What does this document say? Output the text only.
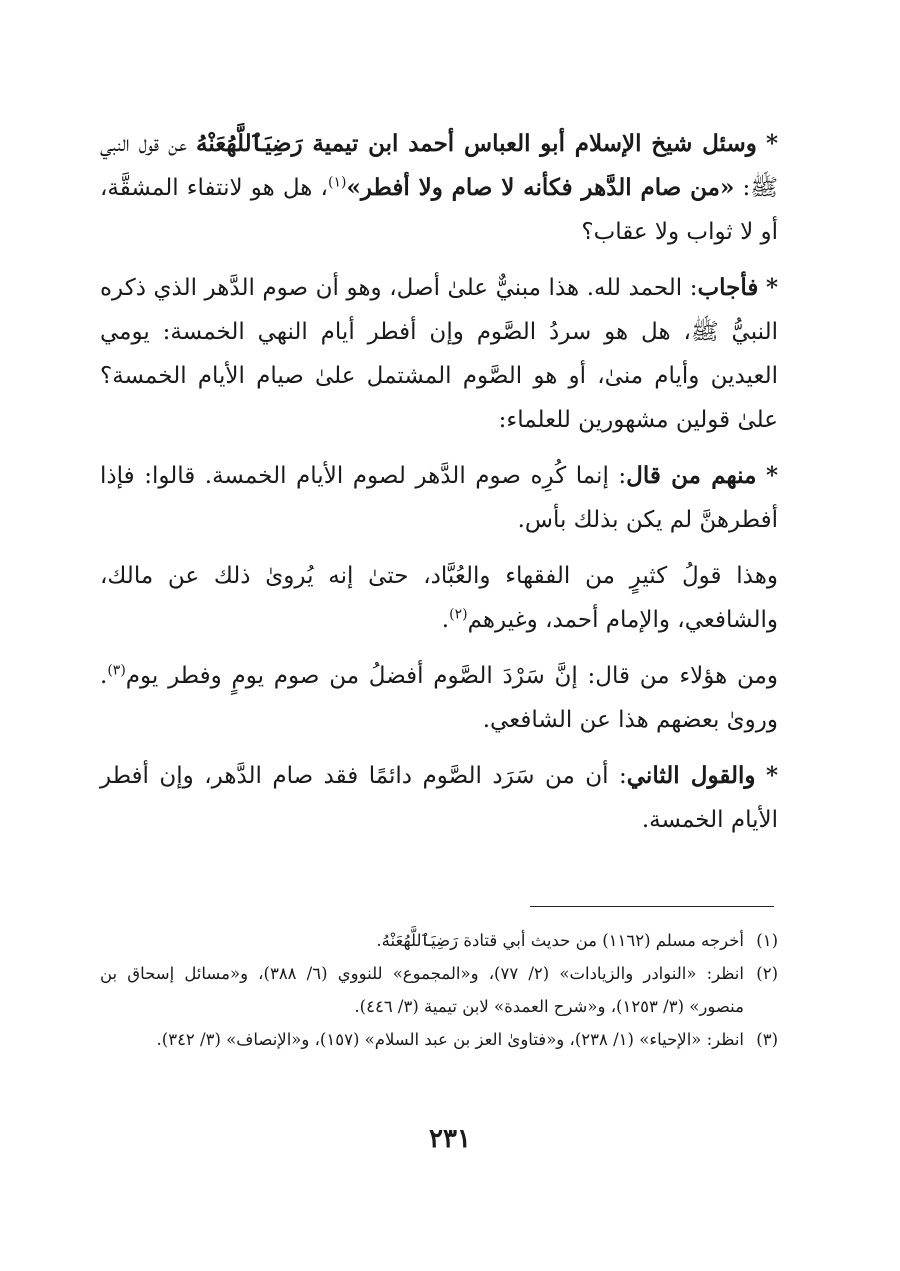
* وسئل شيخ الإسلام أبو العباس أحمد ابن تيمية رَضِيَٱللَّهُعَنْهُ عن قول النبي ﷺ: «من صام الدَّهر فكأنه لا صام ولا أفطر»$^{(١)}$، هل هو لانتفاء المشقَّة، أو لا ثواب ولا عقاب؟

* فأجاب: الحمد لله. هذا مبنيٌّ علىٰ أصل، وهو أن صوم الدَّهر الذي ذكره النبيُّ ﷺ، هل هو سردُ الصَّوم وإن أفطر أيام النهي الخمسة: يومي العيدين وأيام منىٰ، أو هو الصَّوم المشتمل علىٰ صيام الأيام الخمسة؟ علىٰ قولين مشهورين للعلماء:

* منهم من قال: إنما كُرِه صوم الدَّهر لصوم الأيام الخمسة. قالوا: فإذا أفطرهنَّ لم يكن بذلك بأس.

وهذا قولُ كثيرٍ من الفقهاء والعُبَّاد، حتىٰ إنه يُروىٰ ذلك عن مالك، والشافعي، والإمام أحمد، وغيرهم$^{(٢)}$.

ومن هؤلاء من قال: إنَّ سَرْدَ الصَّوم أفضلُ من صوم يومٍ وفطر يوم$^{(٣)}$. ورویٰ بعضهم هذا عن الشافعي.

* والقول الثاني: أن من سَرَد الصَّوم دائمًا فقد صام الدَّهر، وإن أفطر الأيام الخمسة.

(١)
أخرجه مسلم (١١٦٢) من حديث أبي قتادة رَضِيَٱللَّهُعَنْهُ.
(٢)
انظر: «النوادر والزيادات» (٢/ ٧٧)، و«المجموع» للنووي (٦/ ٣٨٨)، و«مسائل إسحاق بن منصور» (٣/ ١٢٥٣)، و«شرح العمدة» لابن تيمية (٣/ ٤٤٦).
(٣)
انظر: «الإحياء» (١/ ٢٣٨)، و«فتاوىٰ العز بن عبد السلام» (١٥٧)، و«الإنصاف» (٣/ ٣٤٢).
٢٣١
